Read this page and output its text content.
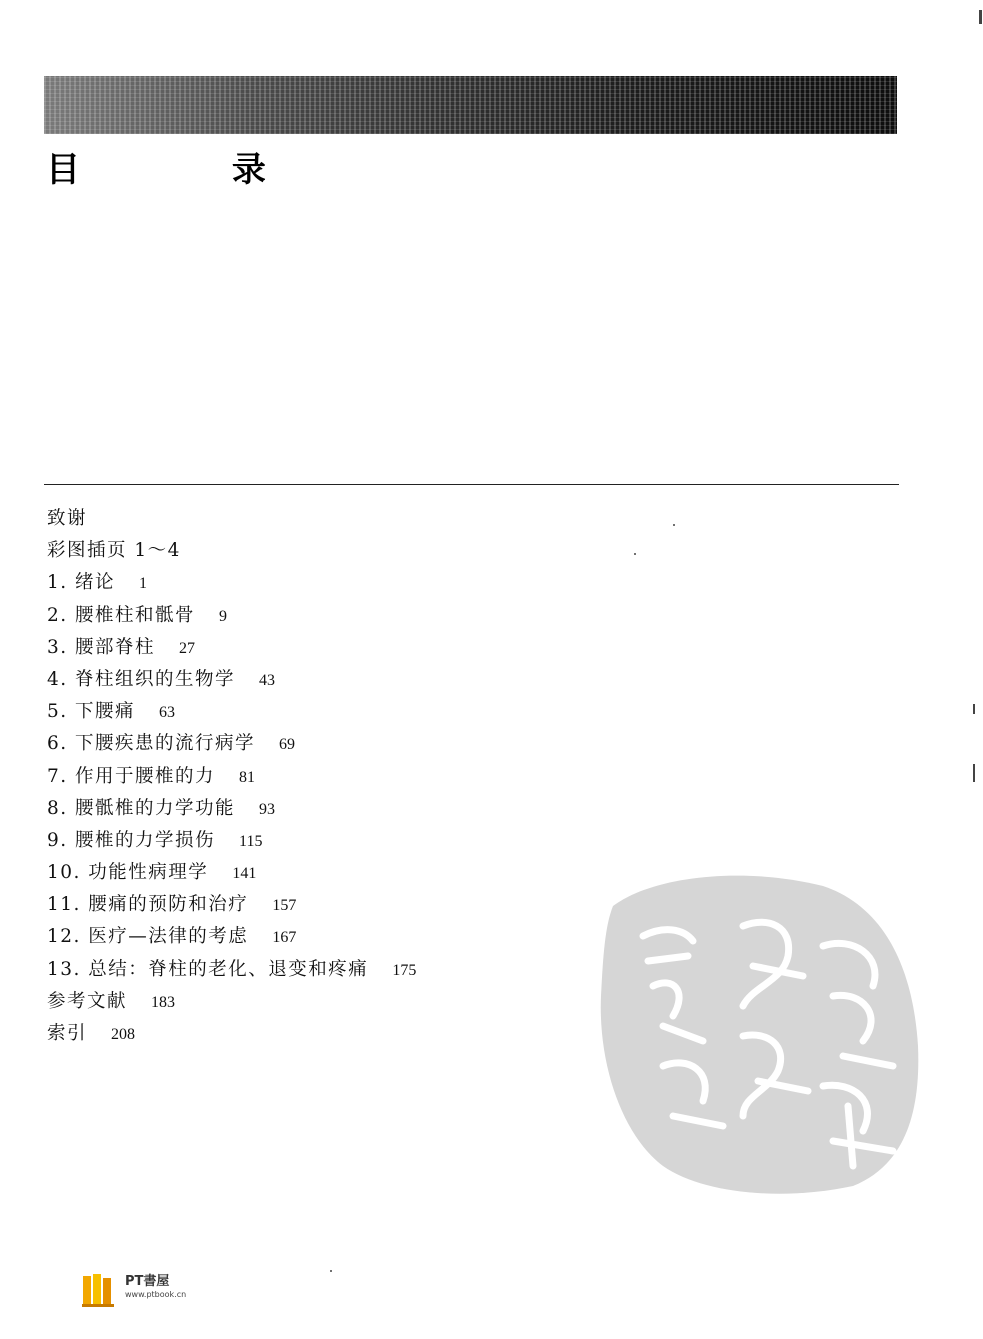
目 录
致谢
彩图插页 1～4
1. 绪论 1
2. 腰椎柱和骶骨 9
3. 腰部脊柱 27
4. 脊柱组织的生物学 43
5. 下腰痛 63
6. 下腰疾患的流行病学 69
7. 作用于腰椎的力 81
8. 腰骶椎的力学功能 93
9. 腰椎的力学损伤 115
10. 功能性病理学 141
11. 腰痛的预防和治疗 157
12. 医疗—法律的考虑 167
13. 总结：脊柱的老化、退变和疼痛 175
参考文献 183
索引 208
PT書屋
www.ptbook.cn
